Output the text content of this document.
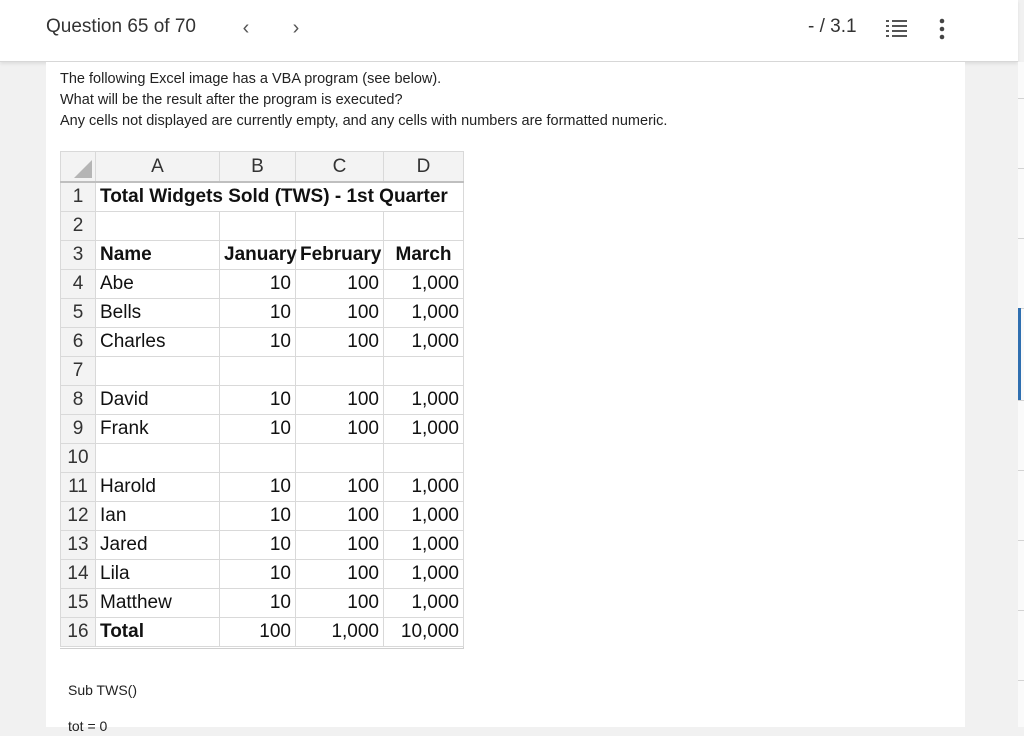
Question 65 of 70	‹	›	- / 3.1
The following Excel image has a VBA program (see below).
What will be the result after the program is executed?
Any cells not displayed are currently empty, and any cells with numbers are formatted numeric.
	A	B	C	D
1	Total Widgets Sold (TWS) - 1st Quarter			
2				
3	Name	January	February	March
4	Abe	10	100	1,000
5	Bells	10	100	1,000
6	Charles	10	100	1,000
7				
8	David	10	100	1,000
9	Frank	10	100	1,000
10				
11	Harold	10	100	1,000
12	Ian	10	100	1,000
13	Jared	10	100	1,000
14	Lila	10	100	1,000
15	Matthew	10	100	1,000
16	Total	100	1,000	10,000
Sub TWS()
tot = 0
